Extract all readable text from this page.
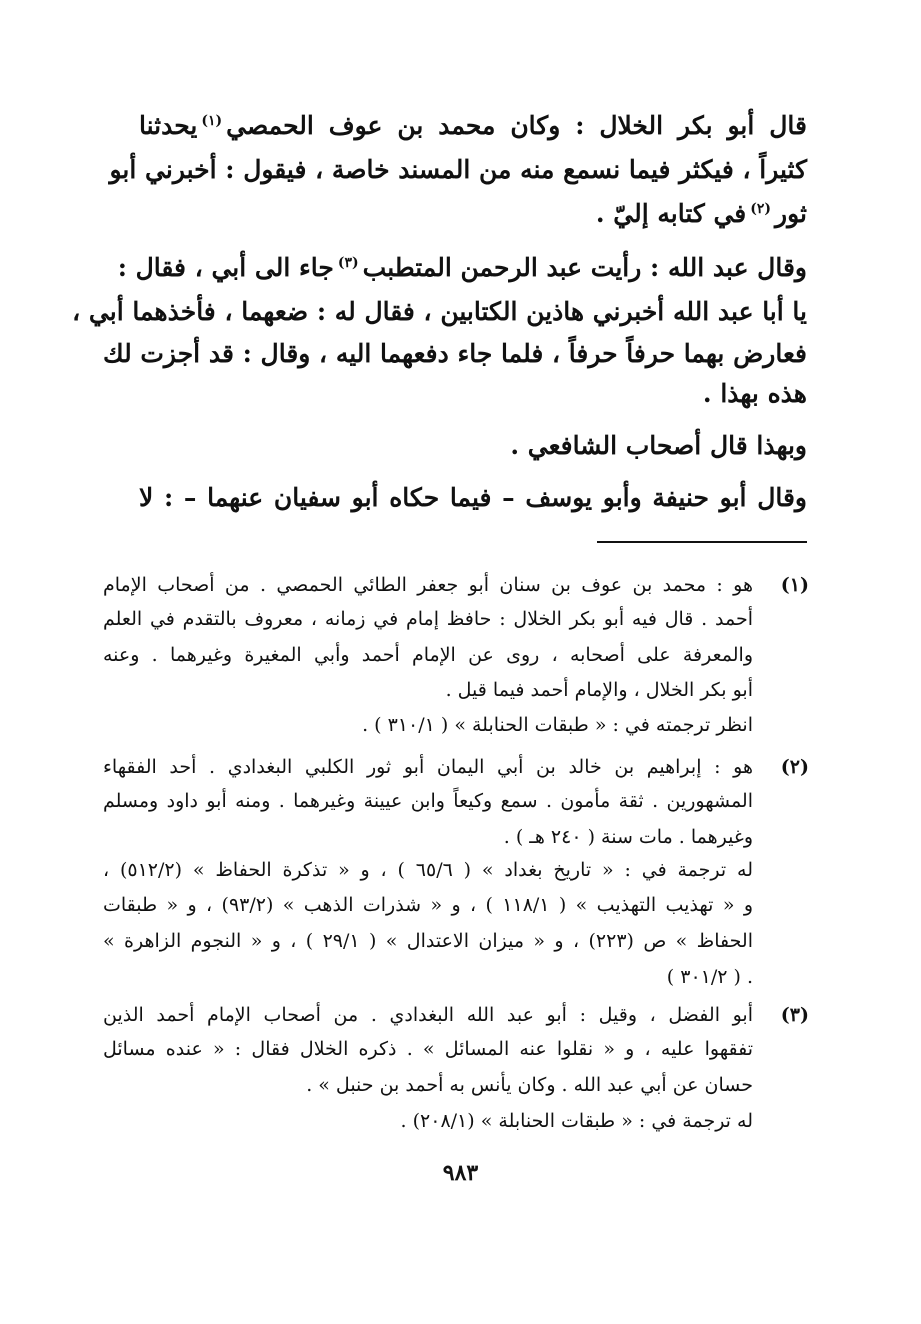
قال أبو بكر الخلال : وكان محمد بن عوف الحمصي$^{(١)}$يحدثنا
كثيراً ، فيكثر فيما نسمع منه من المسند خاصة ، فيقول : أخبرني أبو
ثور$^{(٢)}$في كتابه إليّ .
وقال عبد الله : رأيت عبد الرحمن المتطبب$^{(٣)}$جاء الى أبي ، فقال :
يا أبا عبد الله أخبرني هاذين الكتابين ، فقال له : ضعهما ، فأخذهما أبي ،
فعارض بهما حرفاً حرفاً ، فلما جاء دفعهما اليه ، وقال : قد أجزت لك
هذه بهذا .
وبهذا قال أصحاب الشافعي .
وقال أبو حنيفة وأبو يوسف – فيما حكاه أبو سفيان عنهما – : لا
(١)
هو : محمد بن عوف بن سنان أبو جعفر الطائي الحمصي . من أصحاب الإمام
أحمد . قال فيه أبو بكر الخلال : حافظ إمام في زمانه ، معروف بالتقدم في العلم
والمعرفة على أصحابه ، روى عن الإمام أحمد وأبي المغيرة وغيرهما . وعنه
أبو بكر الخلال ، والإمام أحمد فيما قيل .
انظر ترجمته في : « طبقات الحنابلة » ( ٣١٠/١ ) .
(٢)
هو : إبراهيم بن خالد بن أبي اليمان أبو ثور الكلبي البغدادي . أحد الفقهاء
المشهورين . ثقة مأمون . سمع وكيعاً وابن عيينة وغيرهما . ومنه أبو داود ومسلم
وغيرهما . مات سنة ( ٢٤٠ هـ ) .
له ترجمة في : « تاريخ بغداد » ( ٦٥/٦ ) ، و « تذكرة الحفاظ » (٥١٢/٢) ،
و « تهذيب التهذيب » ( ١١٨/١ ) ، و « شذرات الذهب » (٩٣/٢) ، و « طبقات
الحفاظ » ص (٢٢٣) ، و « ميزان الاعتدال » ( ٢٩/١ ) ، و « النجوم الزاهرة »
. ( ٣٠١/٢ )
(٣)
أبو الفضل ، وقيل : أبو عبد الله البغدادي . من أصحاب الإمام أحمد الذين
تفقهوا عليه ، و « نقلوا عنه المسائل » . ذكره الخلال فقال : « عنده مسائل
حسان عن أبي عبد الله . وكان يأنس به أحمد بن حنبل » .
له ترجمة في : « طبقات الحنابلة » (٢٠٨/١) .
٩٨٣
